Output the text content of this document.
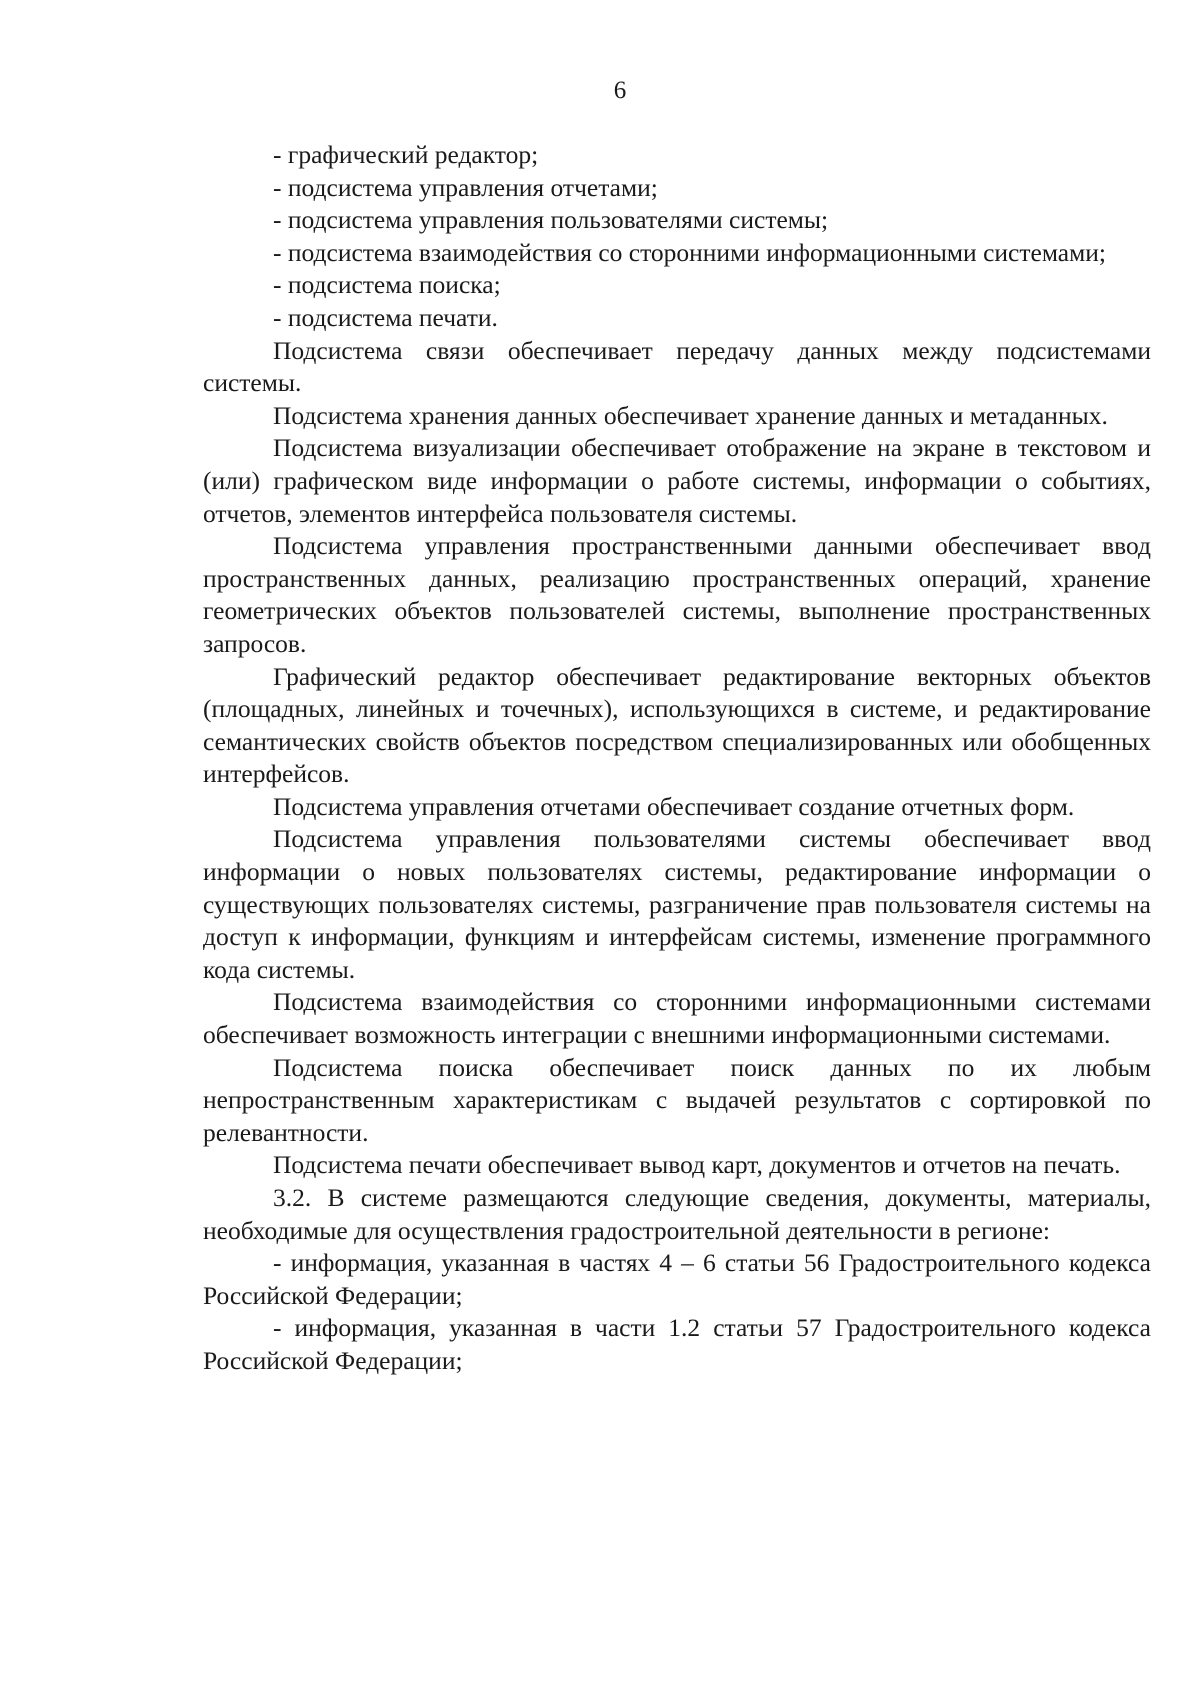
6

- графический редактор;

- подсистема управления отчетами;

- подсистема управления пользователями системы;

- подсистема взаимодействия со сторонними информационными системами;

- подсистема поиска;

- подсистема печати.

Подсистема связи обеспечивает передачу данных между подсистемами системы.

Подсистема хранения данных обеспечивает хранение данных и метаданных.

Подсистема визуализации обеспечивает отображение на экране в текстовом и (или) графическом виде информации о работе системы, информации о событиях, отчетов, элементов интерфейса пользователя системы.

Подсистема управления пространственными данными обеспечивает ввод пространственных данных, реализацию пространственных операций, хранение геометрических объектов пользователей системы, выполнение пространственных запросов.

Графический редактор обеспечивает редактирование векторных объектов (площадных, линейных и точечных), использующихся в системе, и редактирование семантических свойств объектов посредством специализированных или обобщенных интерфейсов.

Подсистема управления отчетами обеспечивает создание отчетных форм.

Подсистема управления пользователями системы обеспечивает ввод информации о новых пользователях системы, редактирование информации о существующих пользователях системы, разграничение прав пользователя системы на доступ к информации, функциям и интерфейсам системы, изменение программного кода системы.

Подсистема взаимодействия со сторонними информационными системами обеспечивает возможность интеграции с внешними информационными системами.

Подсистема поиска обеспечивает поиск данных по их любым непространственным характеристикам с выдачей результатов с сортировкой по релевантности.

Подсистема печати обеспечивает вывод карт, документов и отчетов на печать.

3.2. В системе размещаются следующие сведения, документы, материалы, необходимые для осуществления градостроительной деятельности в регионе:

- информация, указанная в частях 4 – 6 статьи 56 Градостроительного кодекса Российской Федерации;

- информация, указанная в части 1.2 статьи 57 Градостроительного кодекса Российской Федерации;
